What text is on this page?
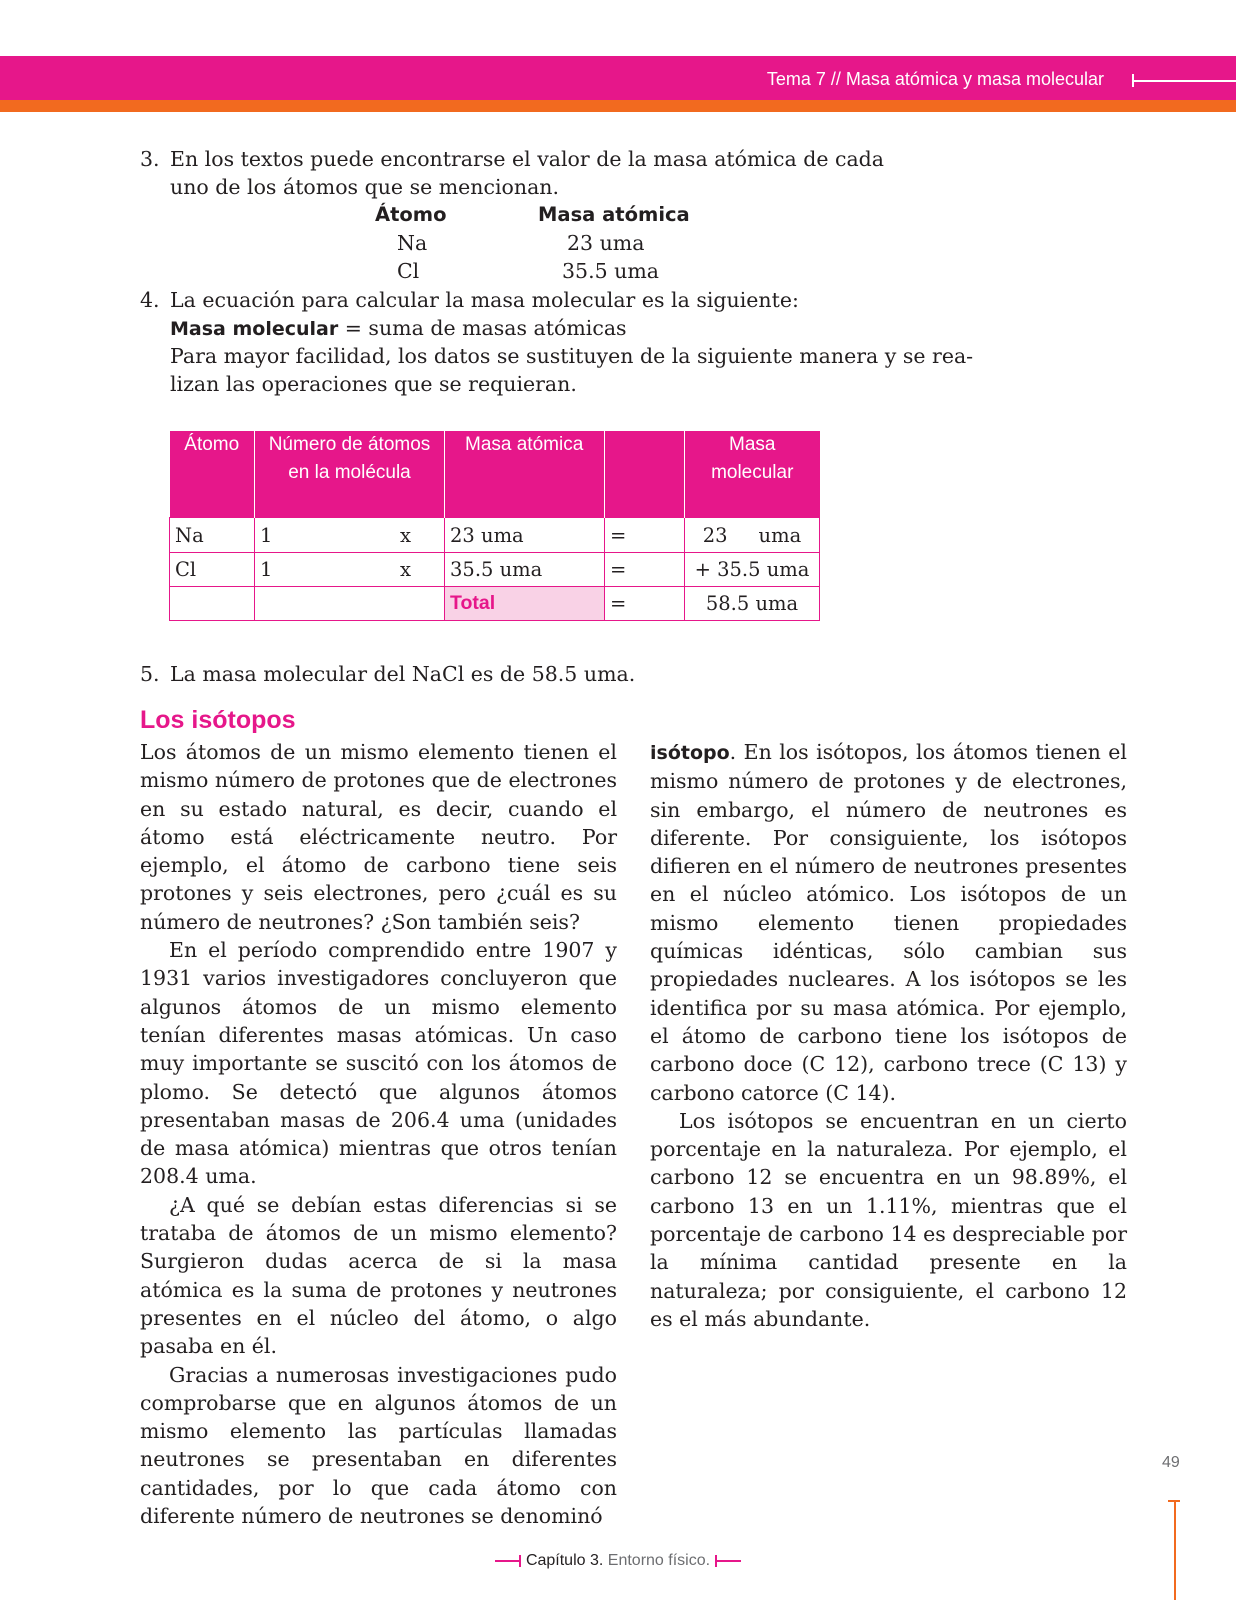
Tema 7 // Masa atómica y masa molecular
3. En los textos puede encontrarse el valor de la masa atómica de cada
uno de los átomos que se mencionan.
Átomo	Masa atómica
Na	23 uma
Cl	35.5 uma
4. La ecuación para calcular la masa molecular es la siguiente:
Masa molecular = suma de masas atómicas
Para mayor facilidad, los datos se sustituyen de la siguiente manera y se rea-
lizan las operaciones que se requieran.
Átomo	Número de átomos en la molécula	Masa atómica		Masa molecular
Na	1 x	23 uma	=	23     uma
Cl	1 x	35.5 uma	=	+ 35.5 uma
		Total	=	58.5 uma
5. La masa molecular del NaCl es de 58.5 uma.
Los isótopos

Los átomos de un mismo elemento tienen el mismo número de protones que de electrones en su estado natural, es decir, cuando el átomo está eléctricamente neutro. Por ejemplo, el átomo de carbono tiene seis protones y seis electrones, pero ¿cuál es su número de neutrones? ¿Son también seis?

En el período comprendido entre 1907 y 1931 varios investigadores concluyeron que algunos átomos de un mismo elemento tenían diferentes masas atómicas. Un caso muy importante se suscitó con los átomos de plomo. Se detectó que algunos átomos presentaban masas de 206.4 uma (unidades de masa atómica) mientras que otros tenían 208.4 uma.

¿A qué se debían estas diferencias si se trataba de átomos de un mismo elemento? Surgieron dudas acerca de si la masa atómica es la suma de protones y neutrones presentes en el núcleo del átomo, o algo pasaba en él.

Gracias a numerosas investigaciones pudo comprobarse que en algunos átomos de un mismo elemento las partículas llamadas neutrones se presentaban en diferentes cantidades, por lo que cada átomo con diferente número de neutrones se denominó

isótopo. En los isótopos, los átomos tienen el mismo número de protones y de electrones, sin embargo, el número de neutrones es diferente. Por consiguiente, los isótopos difieren en el número de neutrones presentes en el núcleo atómico. Los isótopos de un mismo elemento tienen propiedades químicas idénticas, sólo cambian sus propiedades nucleares. A los isótopos se les identifica por su masa atómica. Por ejemplo, el átomo de carbono tiene los isótopos de carbono doce (C 12), carbono trece (C 13) y carbono catorce (C 14).

Los isótopos se encuentran en un cierto porcentaje en la naturaleza. Por ejemplo, el carbono 12 se encuentra en un 98.89%, el carbono 13 en un 1.11%, mientras que el porcentaje de carbono 14 es despreciable por la mínima cantidad presente en la naturaleza; por consiguiente, el carbono 12 es el más abundante.

49
Capítulo 3. Entorno físico.
